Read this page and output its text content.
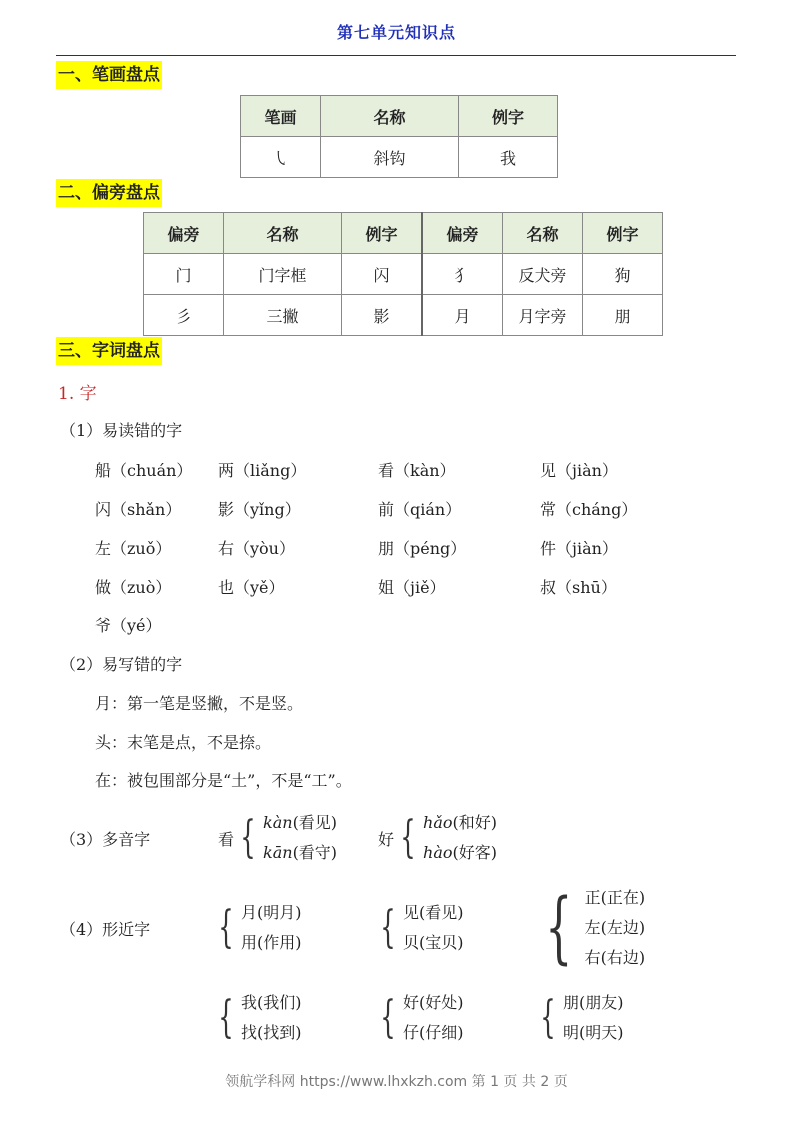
第七单元知识点
一、笔画盘点
笔画	名称	例字
㇂	斜钩	我
二、偏旁盘点
偏旁	名称	例字	偏旁	名称	例字
门	门字框	闪	犭	反犬旁	狗
彡	三撇	影	月	月字旁	朋
三、字词盘点
1. 字
（1）易读错的字
船（chuán） 两（liǎng）	看（kàn）	见（jiàn）
闪（shǎn） 影（yǐng）	前（qián）	常（cháng）
左（zuǒ）	右（yòu）	朋（péng）	件（jiàn）
做（zuò）	也（yě）	姐（jiě）	叔（shū）
爷（yé）
（2）易写错的字
月：第一笔是竖撇，不是竖。
头：末笔是点，不是捺。
在：被包围部分是“土”，不是“工”。
（3）多音字	看 { kàn(看见)
kān(看守)
好 { hǎo(和好)
hào(好客)
（4）形近字 { 月(明月)
用(作用) { 见(看见)
贝(宝贝) { 正(正在)
左(左边)
右(右边)
{ 我(我们)
找(找到) { 好(好处)
仔(仔细) { 朋(朋友)
明(明天)
领航学科网 https://www.lhxkzh.com 第 1 页 共 2 页
